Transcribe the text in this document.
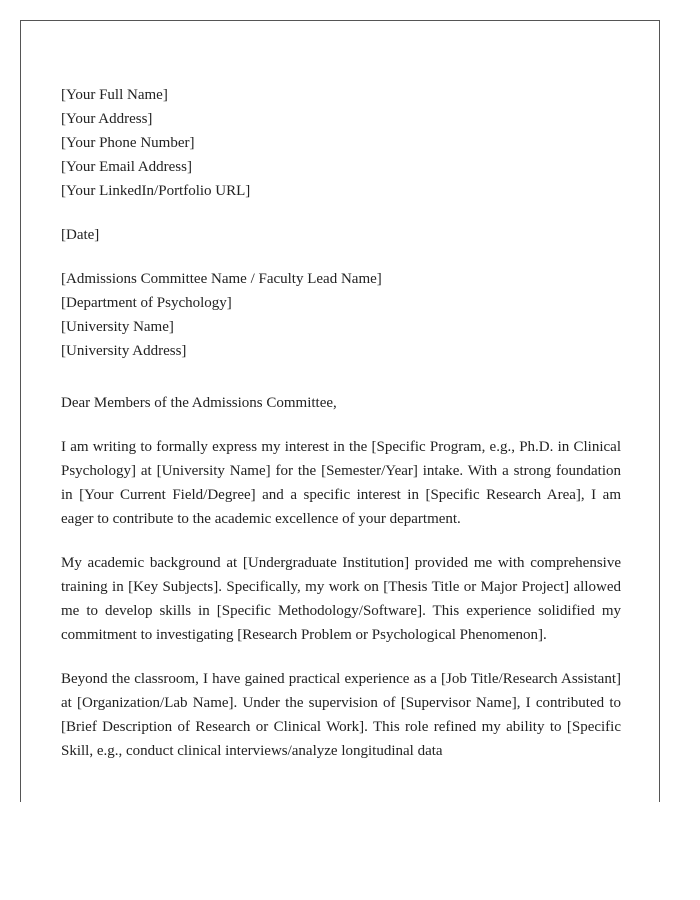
[Your Full Name]
[Your Address]
[Your Phone Number]
[Your Email Address]
[Your LinkedIn/Portfolio URL]
[Date]
[Admissions Committee Name / Faculty Lead Name]
[Department of Psychology]
[University Name]
[University Address]
Dear Members of the Admissions Committee,

I am writing to formally express my interest in the [Specific Program, e.g., Ph.D. in Clinical Psychology] at [University Name] for the [Semester/Year] intake. With a strong foundation in [Your Current Field/Degree] and a specific interest in [Specific Research Area], I am eager to contribute to the academic excellence of your department.

My academic background at [Undergraduate Institution] provided me with comprehensive training in [Key Subjects]. Specifically, my work on [Thesis Title or Major Project] allowed me to develop skills in [Specific Methodology/Software]. This experience solidified my commitment to investigating [Research Problem or Psychological Phenomenon].

Beyond the classroom, I have gained practical experience as a [Job Title/Research Assistant] at [Organization/Lab Name]. Under the supervision of [Supervisor Name], I contributed to [Brief Description of Research or Clinical Work]. This role refined my ability to [Specific Skill, e.g., conduct clinical interviews/analyze longitudinal data
